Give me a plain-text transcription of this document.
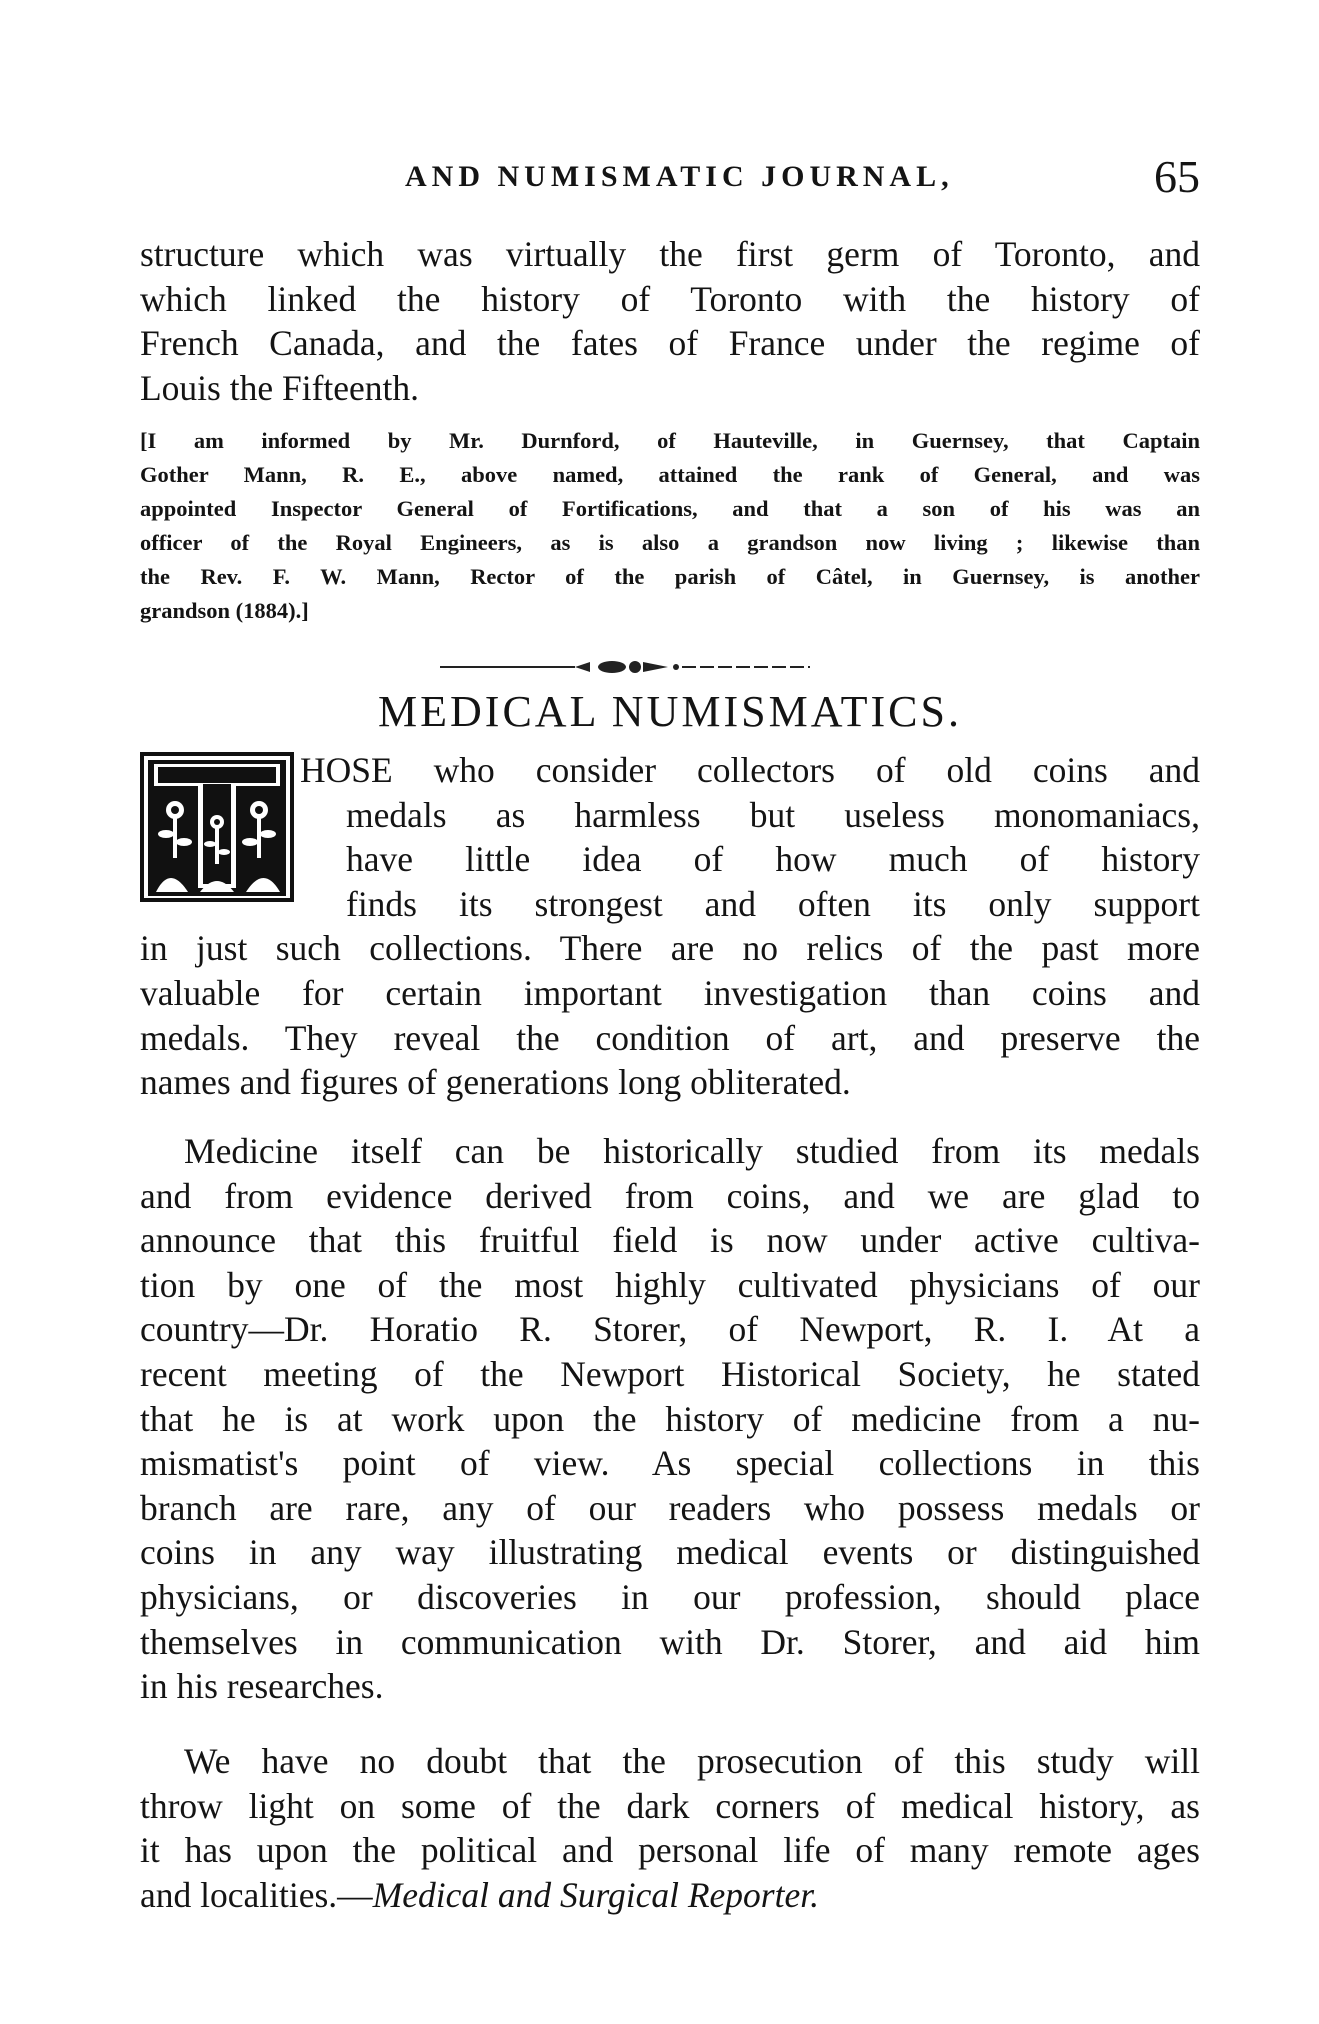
AND NUMISMATIC JOURNAL,	65
structure which was virtually the first germ of Toronto, and
which linked the history of Toronto with the history of
French Canada, and the fates of France under the regime of
Louis the Fifteenth.
[I am informed by Mr. Durnford, of Hauteville, in Guernsey, that Captain
Gother Mann, R. E., above named, attained the rank of General, and was
appointed Inspector General of Fortifications, and that a son of his was an
officer of the Royal Engineers, as is also a grandson now living ; likewise than
the Rev. F. W. Mann, Rector of the parish of Câtel, in Guernsey, is another
grandson (1884).]
MEDICAL NUMISMATICS.
HOSE who consider collectors of old coins and
medals as harmless but useless monomaniacs,
have little idea of how much of history
finds its strongest and often its only support
in just such collections. There are no relics of the past more
valuable for certain important investigation than coins and
medals. They reveal the condition of art, and preserve the
names and figures of generations long obliterated.
Medicine itself can be historically studied from its medals
and from evidence derived from coins, and we are glad to
announce that this fruitful field is now under active cultiva-
tion by one of the most highly cultivated physicians of our
country—Dr. Horatio R. Storer, of Newport, R. I. At a
recent meeting of the Newport Historical Society, he stated
that he is at work upon the history of medicine from a nu-
mismatist's point of view. As special collections in this
branch are rare, any of our readers who possess medals or
coins in any way illustrating medical events or distinguished
physicians, or discoveries in our profession, should place
themselves in communication with Dr. Storer, and aid him
in his researches.
We have no doubt that the prosecution of this study will
throw light on some of the dark corners of medical history, as
it has upon the political and personal life of many remote ages
and localities.—Medical and Surgical Reporter.
